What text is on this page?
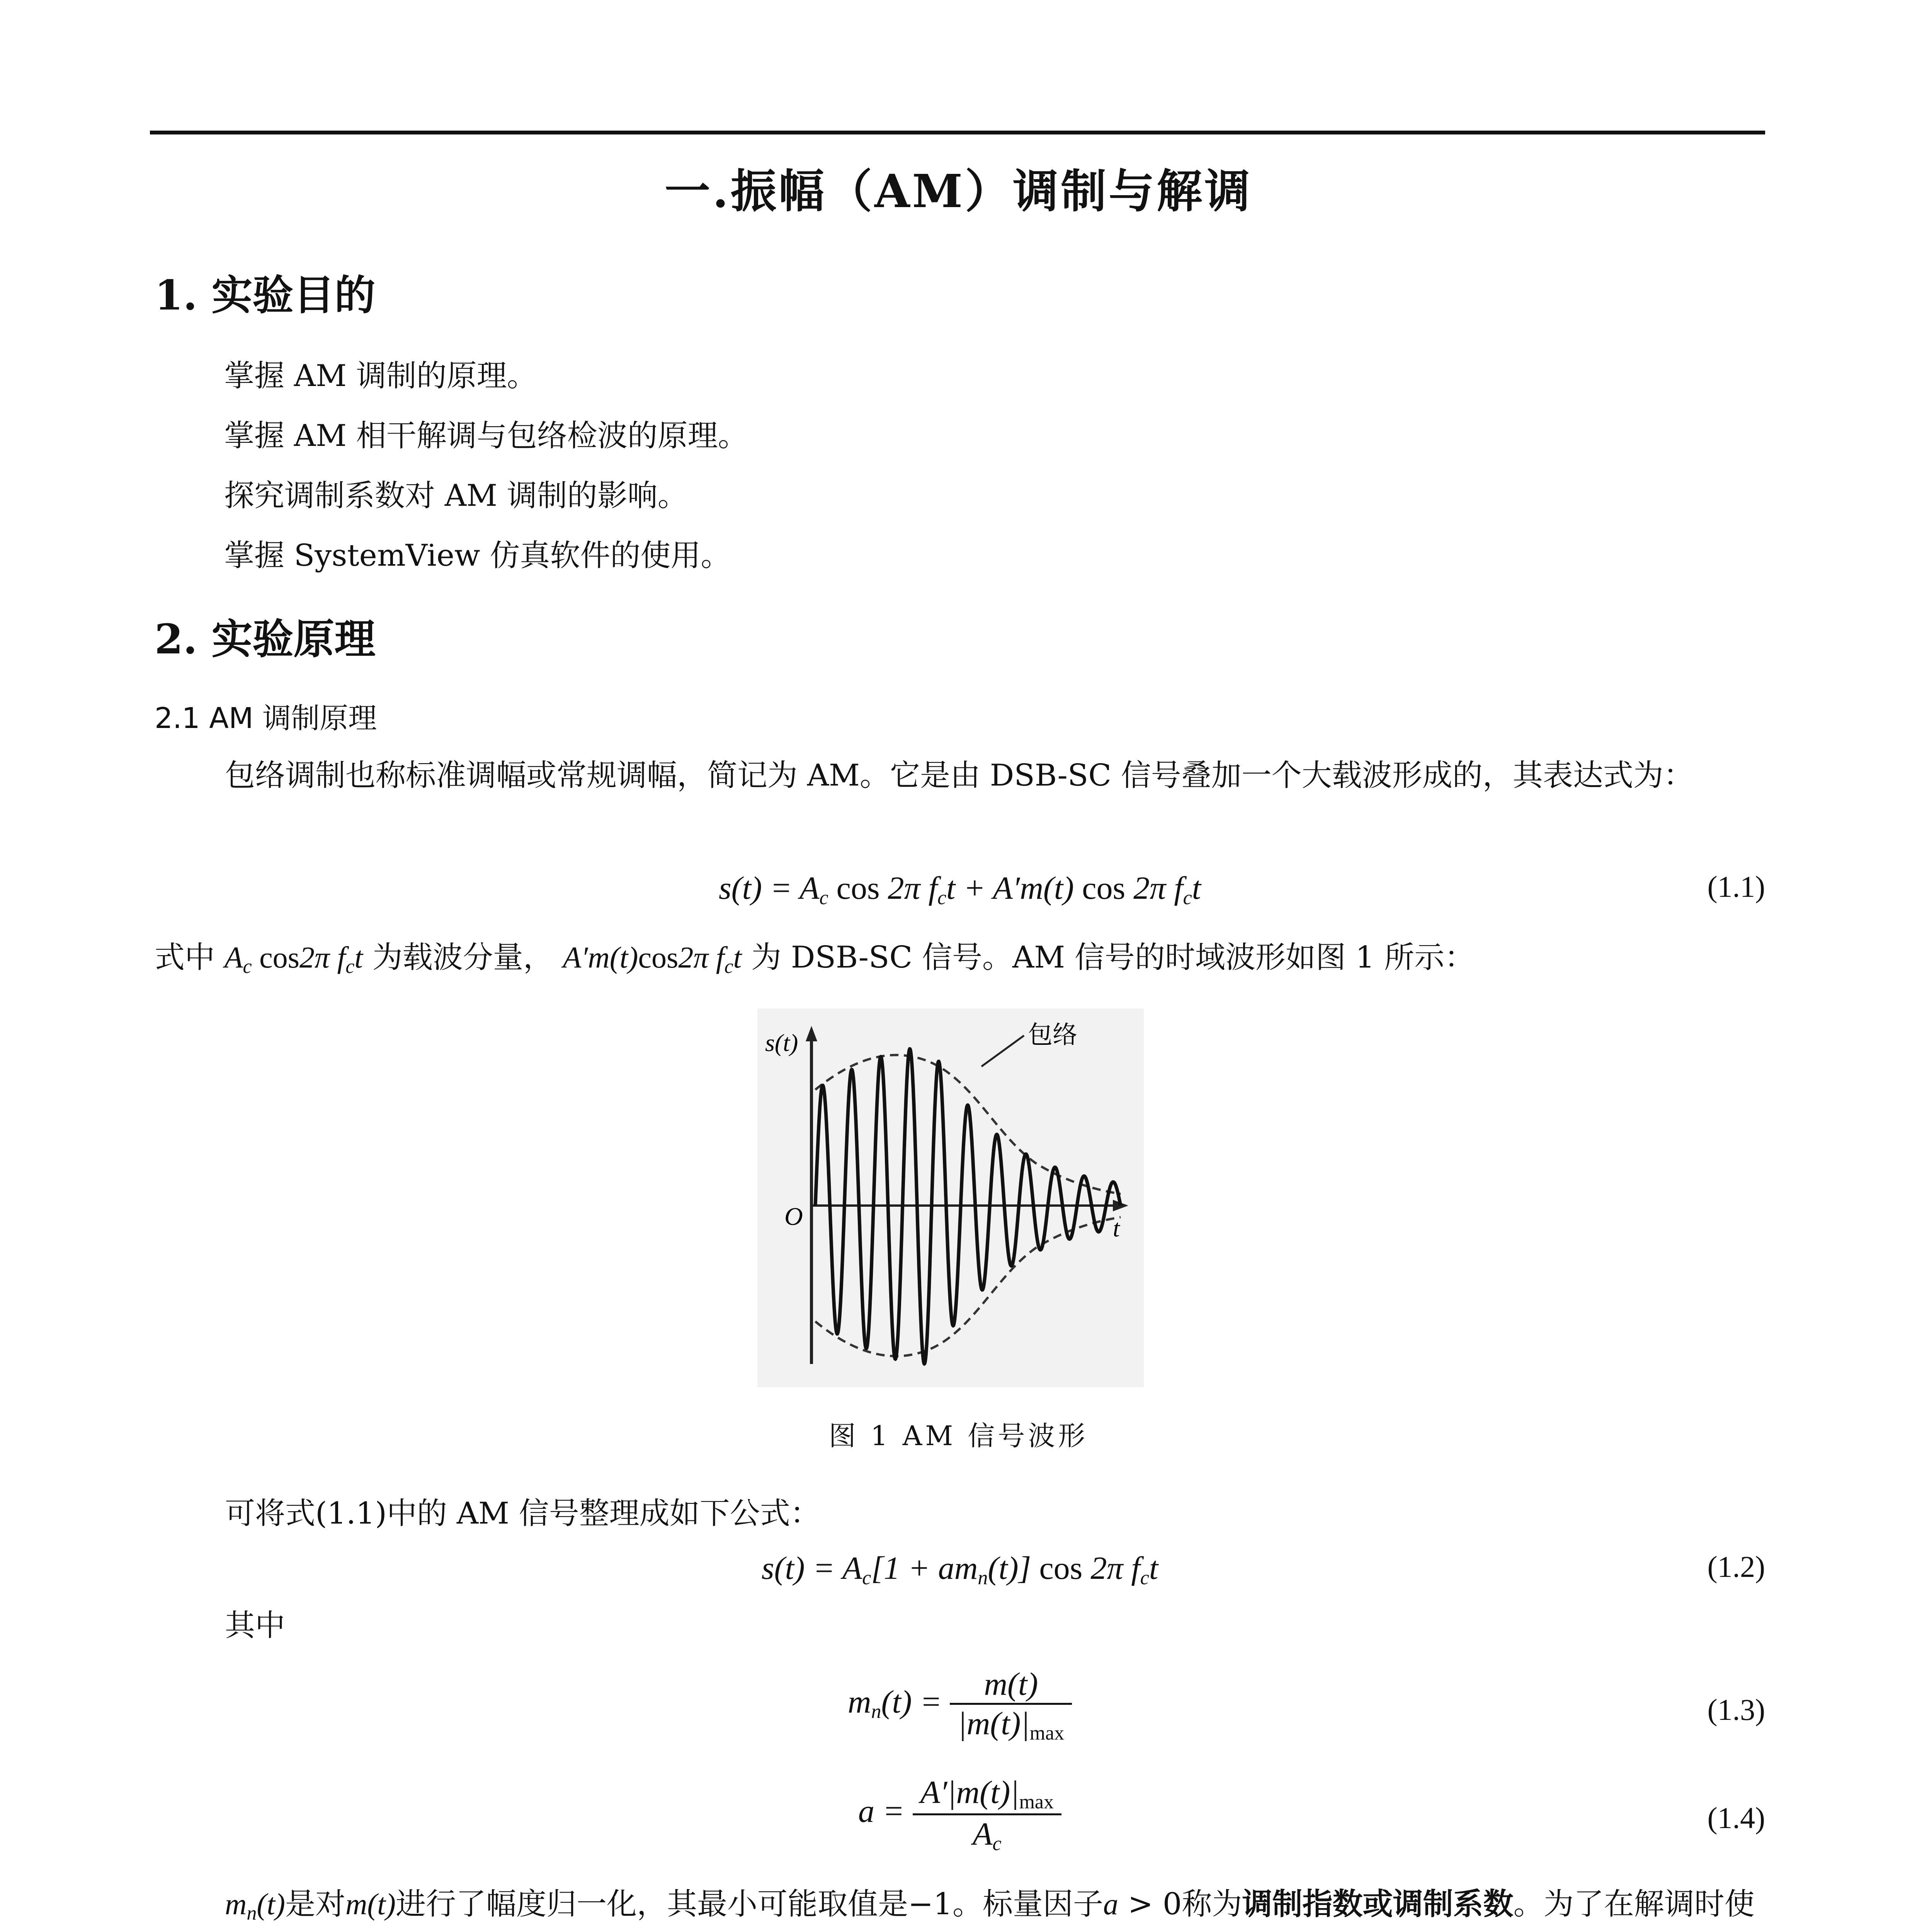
一.振幅（AM）调制与解调
1. 实验目的
掌握 AM 调制的原理。
掌握 AM 相干解调与包络检波的原理。
探究调制系数对 AM 调制的影响。
掌握 SystemView 仿真软件的使用。
2. 实验原理
2.1 AM 调制原理
包络调制也称标准调幅或常规调幅，简记为 AM。它是由 DSB-SC 信号叠加一个大载波形成的，其表达式为：
$s(t) = A_c$ cos 2π $f_ct + A'm(t)$ cos 2π $f_ct$	(1.1)
式中 $A_c$ cos2π $f_ct$ 为载波分量， A′m(t)cos2π $f_ct$ 为 DSB-SC 信号。AM 信号的时域波形如图 1 所示：
s(t)	包络
O	t
图 1 AM 信号波形
可将式(1.1)中的 AM 信号整理成如下公式：
$s(t) = A_c[1 + am_n(t)]$ cos 2π $f_ct$	(1.2)
其中
$m_n(t) = \frac{m(t)}{|m(t)|_{max}}$	(1.3)
$a = \frac{A'|m(t)|_{max}}{A_c}$	(1.4)
$m_n(t)$是对m(t)进行了幅度归一化，其最小可能取值是−1。标量因子a > 0称为调制指数或调制系数。为了在解调时使
